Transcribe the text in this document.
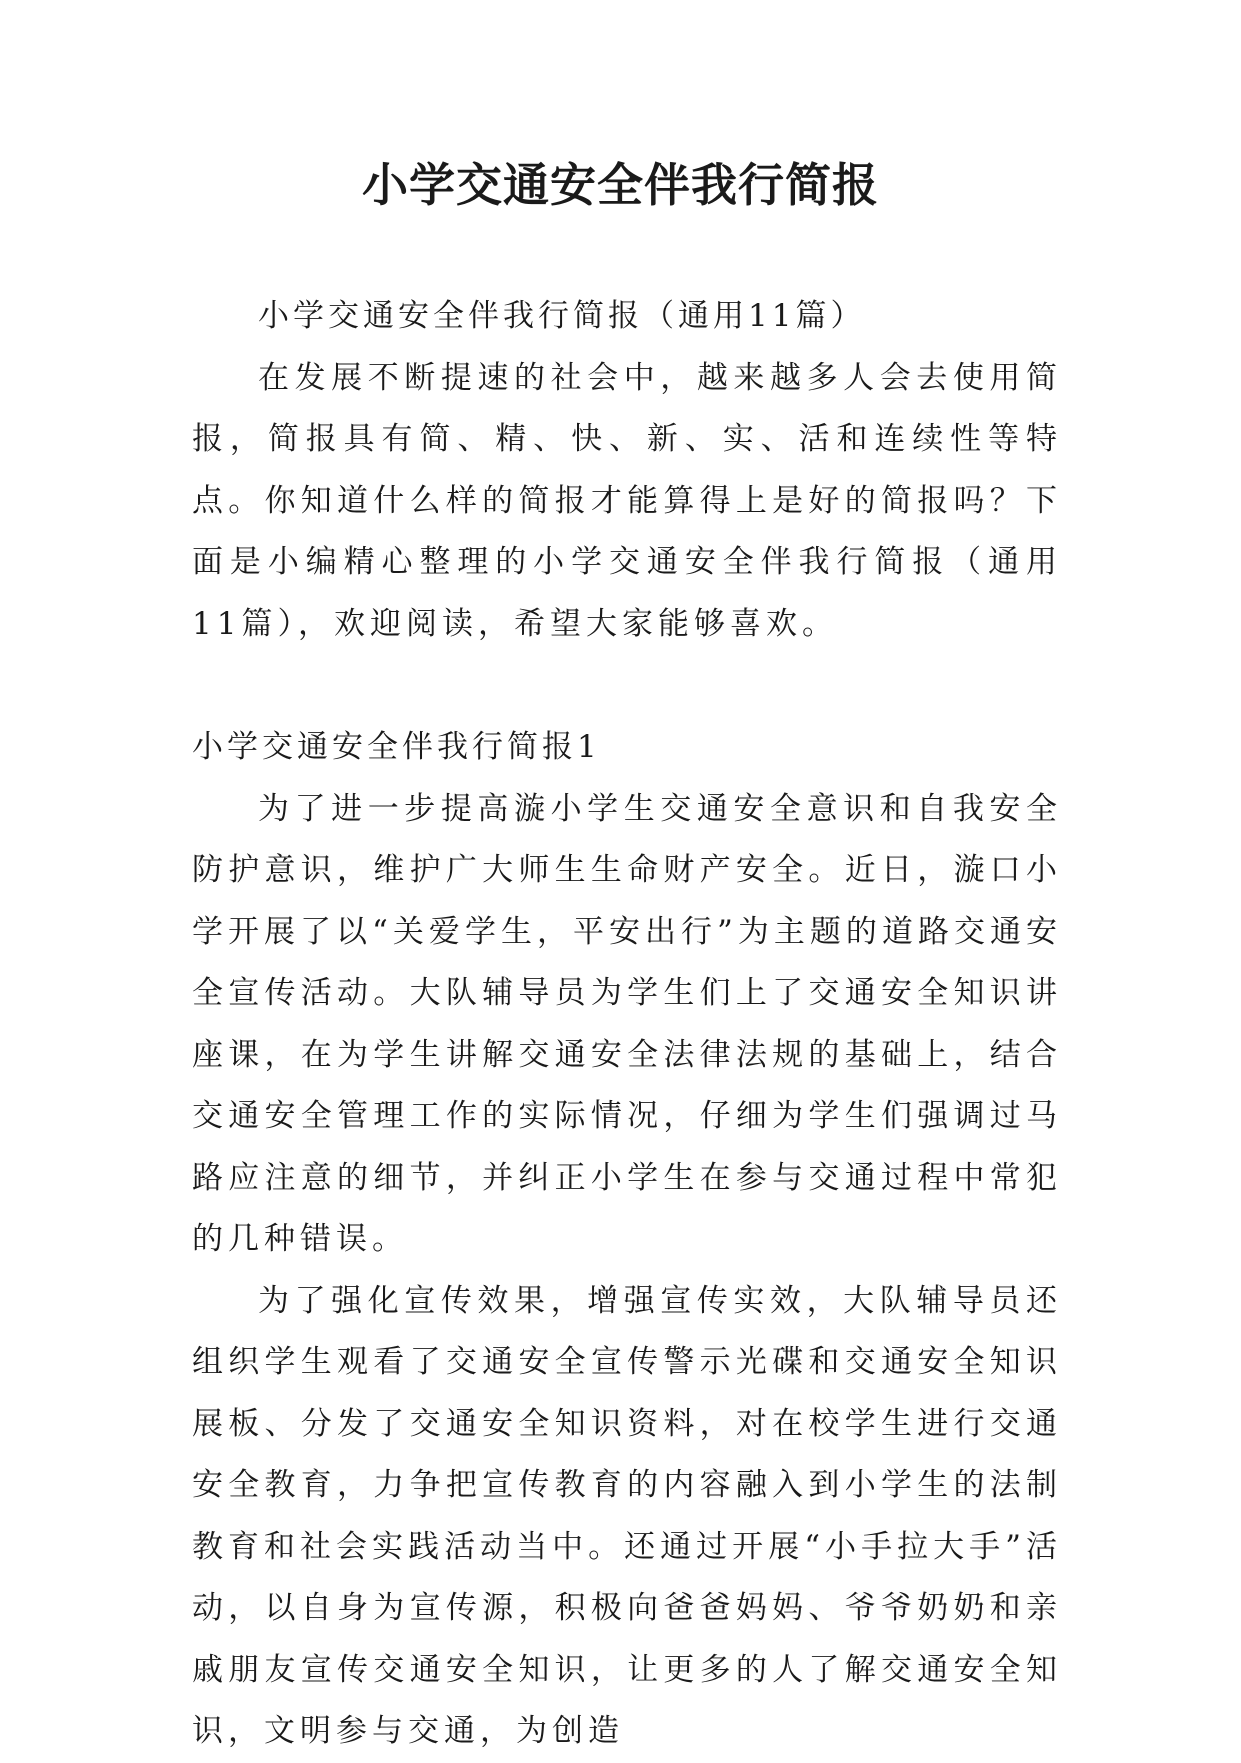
小学交通安全伴我行简报

小学交通安全伴我行简报（通用11篇）

在发展不断提速的社会中，越来越多人会去使用简报，简报具有简、精、快、新、实、活和连续性等特点。你知道什么样的简报才能算得上是好的简报吗？下面是小编精心整理的小学交通安全伴我行简报（通用11篇），欢迎阅读，希望大家能够喜欢。

小学交通安全伴我行简报1

为了进一步提高漩小学生交通安全意识和自我安全防护意识，维护广大师生生命财产安全。近日，漩口小学开展了以“关爱学生，平安出行”为主题的道路交通安全宣传活动。大队辅导员为学生们上了交通安全知识讲座课，在为学生讲解交通安全法律法规的基础上，结合交通安全管理工作的实际情况，仔细为学生们强调过马路应注意的细节，并纠正小学生在参与交通过程中常犯的几种错误。

为了强化宣传效果，增强宣传实效，大队辅导员还组织学生观看了交通安全宣传警示光碟和交通安全知识展板、分发了交通安全知识资料，对在校学生进行交通安全教育，力争把宣传教育的内容融入到小学生的法制教育和社会实践活动当中。还通过开展“小手拉大手”活动，以自身为宣传源，积极向爸爸妈妈、爷爷奶奶和亲戚朋友宣传交通安全知识，让更多的人了解交通安全知识，文明参与交通，为创造
